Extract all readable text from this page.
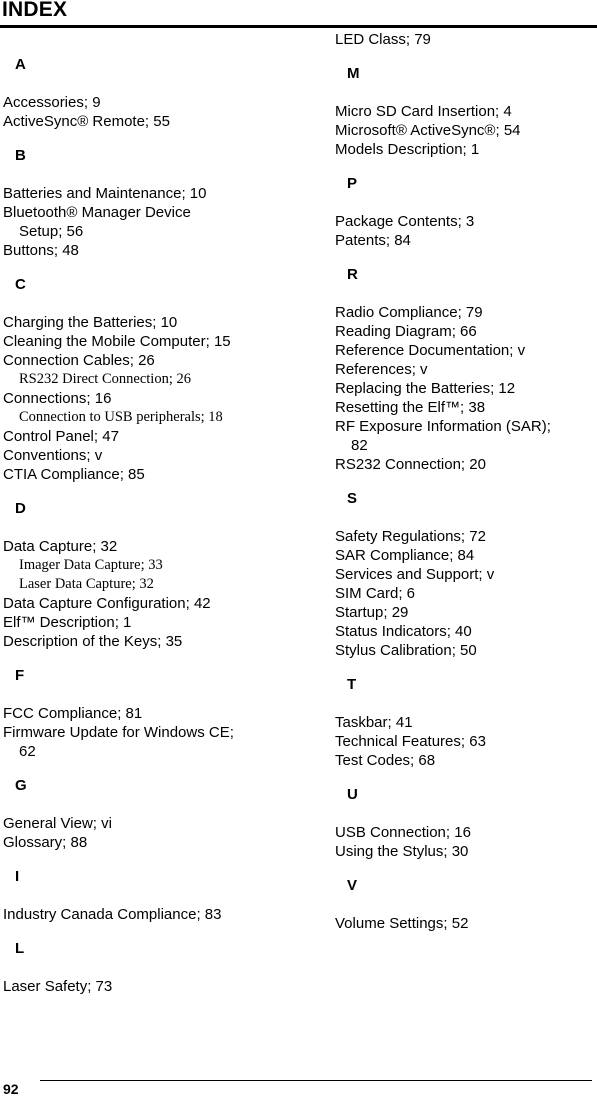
INDEX
A
Accessories; 9
ActiveSync® Remote; 55
B
Batteries and Maintenance; 10
Bluetooth® Manager Device
Setup; 56
Buttons; 48
C
Charging the Batteries; 10
Cleaning the Mobile Computer; 15
Connection Cables; 26
RS232 Direct Connection; 26
Connections; 16
Connection to USB peripherals; 18
Control Panel; 47
Conventions; v
CTIA Compliance; 85
D
Data Capture; 32
Imager Data Capture; 33
Laser Data Capture; 32
Data Capture Configuration; 42
Elf™ Description; 1
Description of the Keys; 35
F
FCC Compliance; 81
Firmware Update for Windows CE;
62
G
General View; vi
Glossary; 88
I
Industry Canada Compliance; 83
L
Laser Safety; 73
LED Class; 79
M
Micro SD Card Insertion; 4
Microsoft® ActiveSync®; 54
Models Description; 1
P
Package Contents; 3
Patents; 84
R
Radio Compliance; 79
Reading Diagram; 66
Reference Documentation; v
References; v
Replacing the Batteries; 12
Resetting the Elf™; 38
RF Exposure Information (SAR);
82
RS232 Connection; 20
S
Safety Regulations; 72
SAR Compliance; 84
Services and Support; v
SIM Card; 6
Startup; 29
Status Indicators; 40
Stylus Calibration; 50
T
Taskbar; 41
Technical Features; 63
Test Codes; 68
U
USB Connection; 16
Using the Stylus; 30
V
Volume Settings; 52
92
